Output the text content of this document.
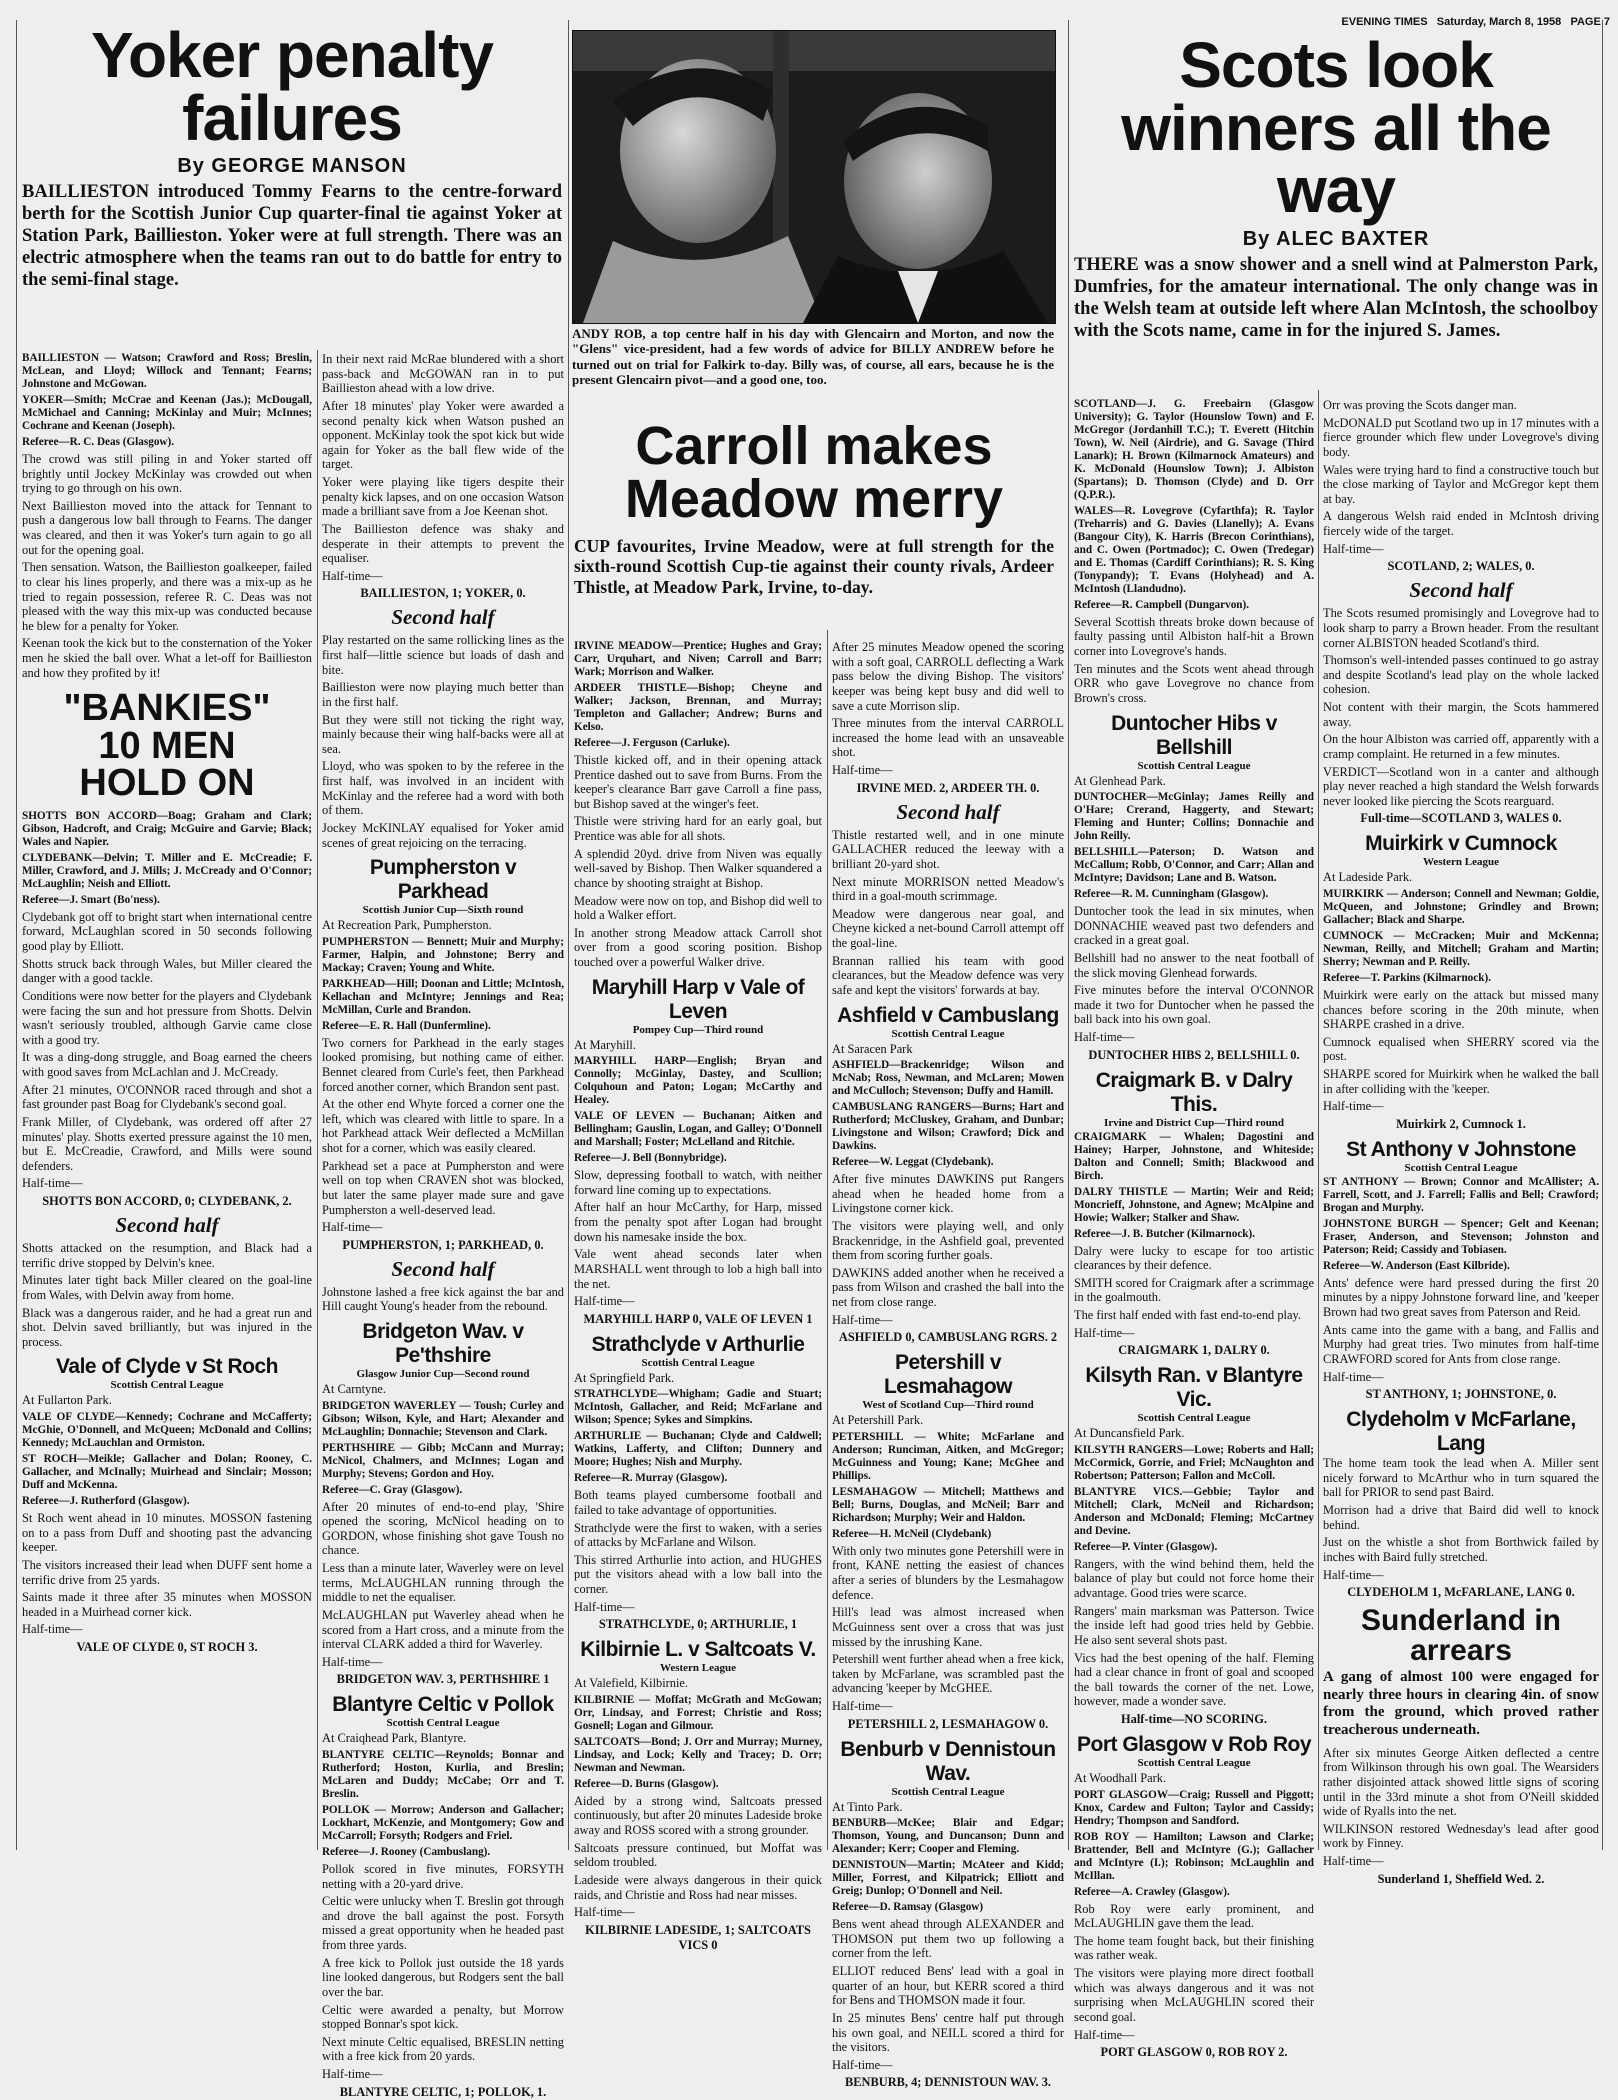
EVENING TIMES Saturday, March 8, 1958 PAGE 7
Yoker penalty failures
By GEORGE MANSON

BAILLIESTON introduced Tommy Fearns to the centre-forward berth for the Scottish Junior Cup quarter-final tie against Yoker at Station Park, Baillieston. Yoker were at full strength. There was an electric atmosphere when the teams ran out to do battle for entry to the semi-final stage.

BAILLIESTON — Watson; Crawford and Ross; Breslin, McLean, and Lloyd; Willock and Tennant; Fearns; Johnstone and McGowan.

YOKER—Smith; McCrae and Keenan (Jas.); McDougall, McMichael and Canning; McKinlay and Muir; McInnes; Cochrane and Keenan (Joseph).

Referee—R. C. Deas (Glasgow).

The crowd was still piling in and Yoker started off brightly until Jockey McKinlay was crowded out when trying to go through on his own.

Next Baillieston moved into the attack for Tennant to push a dangerous low ball through to Fearns. The danger was cleared, and then it was Yoker's turn again to go all out for the opening goal.

Then sensation. Watson, the Baillieston goalkeeper, failed to clear his lines properly, and there was a mix-up as he tried to regain possession, referee R. C. Deas was not pleased with the way this mix-up was conducted because he blew for a penalty for Yoker.

Keenan took the kick but to the consternation of the Yoker men he skied the ball over. What a let-off for Baillieston and how they profited by it!

"BANKIES" 10 MEN HOLD ON

SHOTTS BON ACCORD—Boag; Graham and Clark; Gibson, Hadcroft, and Craig; McGuire and Garvie; Black; Wales and Napier.

CLYDEBANK—Delvin; T. Miller and E. McCreadie; F. Miller, Crawford, and J. Mills; J. McCready and O'Connor; McLaughlin; Neish and Elliott.

Referee—J. Smart (Bo'ness).

Clydebank got off to bright start when international centre forward, McLaughlan scored in 50 seconds following good play by Elliott.

Shotts struck back through Wales, but Miller cleared the danger with a good tackle.

Conditions were now better for the players and Clydebank were facing the sun and hot pressure from Shotts. Delvin wasn't seriously troubled, although Garvie came close with a good try.

It was a ding-dong struggle, and Boag earned the cheers with good saves from McLachlan and J. McCready.

After 21 minutes, O'CONNOR raced through and shot a fast grounder past Boag for Clydebank's second goal.

Frank Miller, of Clydebank, was ordered off after 27 minutes' play. Shotts exerted pressure against the 10 men, but E. McCreadie, Crawford, and Mills were sound defenders.

Half-time—

SHOTTS BON ACCORD, 0; CLYDEBANK, 2.

Second half

Shotts attacked on the resumption, and Black had a terrific drive stopped by Delvin's knee.

Minutes later tight back Miller cleared on the goal-line from Wales, with Delvin away from home.

Black was a dangerous raider, and he had a great run and shot. Delvin saved brilliantly, but was injured in the process.

Vale of Clyde v St Roch
Scottish Central League

At Fullarton Park.

VALE OF CLYDE—Kennedy; Cochrane and McCafferty; McGhie, O'Donnell, and McQueen; McDonald and Collins; Kennedy; McLauchlan and Ormiston.

ST ROCH—Meikle; Gallacher and Dolan; Rooney, C. Gallacher, and McInally; Muirhead and Sinclair; Mosson; Duff and McKenna.

Referee—J. Rutherford (Glasgow).

St Roch went ahead in 10 minutes. MOSSON fastening on to a pass from Duff and shooting past the advancing keeper.

The visitors increased their lead when DUFF sent home a terrific drive from 25 yards.

Saints made it three after 35 minutes when MOSSON headed in a Muirhead corner kick.

Half-time—

VALE OF CLYDE 0, ST ROCH 3.

In their next raid McRae blundered with a short pass-back and McGOWAN ran in to put Baillieston ahead with a low drive.

After 18 minutes' play Yoker were awarded a second penalty kick when Watson pushed an opponent. McKinlay took the spot kick but wide again for Yoker as the ball flew wide of the target.

Yoker were playing like tigers despite their penalty kick lapses, and on one occasion Watson made a brilliant save from a Joe Keenan shot.

The Baillieston defence was shaky and desperate in their attempts to prevent the equaliser.

Half-time—

BAILLIESTON, 1; YOKER, 0.

Second half

Play restarted on the same rollicking lines as the first half—little science but loads of dash and bite.

Baillieston were now playing much better than in the first half.

But they were still not ticking the right way, mainly because their wing half-backs were all at sea.

Lloyd, who was spoken to by the referee in the first half, was involved in an incident with McKinlay and the referee had a word with both of them.

Jockey McKINLAY equalised for Yoker amid scenes of great rejoicing on the terracing.

Pumpherston v Parkhead
Scottish Junior Cup—Sixth round

At Recreation Park, Pumpherston.

PUMPHERSTON — Bennett; Muir and Murphy; Farmer, Halpin, and Johnstone; Berry and Mackay; Craven; Young and White.

PARKHEAD—Hill; Doonan and Little; McIntosh, Kellachan and McIntyre; Jennings and Rea; McMillan, Curle and Brandon.

Referee—E. R. Hall (Dunfermline).

Two corners for Parkhead in the early stages looked promising, but nothing came of either. Bennet cleared from Curle's feet, then Parkhead forced another corner, which Brandon sent past.

At the other end Whyte forced a corner one the left, which was cleared with little to spare. In a hot Parkhead attack Weir deflected a McMillan shot for a corner, which was easily cleared.

Parkhead set a pace at Pumpherston and were well on top when CRAVEN shot was blocked, but later the same player made sure and gave Pumpherston a well-deserved lead.

Half-time—

PUMPHERSTON, 1; PARKHEAD, 0.

Second half

Johnstone lashed a free kick against the bar and Hill caught Young's header from the rebound.

Bridgeton Wav. v Pe'thshire
Glasgow Junior Cup—Second round

At Carntyne.

BRIDGETON WAVERLEY — Toush; Curley and Gibson; Wilson, Kyle, and Hart; Alexander and McLaughlin; Donnachie; Stevenson and Clark.

PERTHSHIRE — Gibb; McCann and Murray; McNicol, Chalmers, and McInnes; Logan and Murphy; Stevens; Gordon and Hoy.

Referee—C. Gray (Glasgow).

After 20 minutes of end-to-end play, 'Shire opened the scoring, McNicol heading on to GORDON, whose finishing shot gave Toush no chance.

Less than a minute later, Waverley were on level terms, McLAUGHLAN running through the middle to net the equaliser.

McLAUGHLAN put Waverley ahead when he scored from a Hart cross, and a minute from the interval CLARK added a third for Waverley.

Half-time—

BRIDGETON WAV. 3, PERTHSHIRE 1

Blantyre Celtic v Pollok
Scottish Central League

At Craiqhead Park, Blantyre.

BLANTYRE CELTIC—Reynolds; Bonnar and Rutherford; Hoston, Kurlia, and Breslin; McLaren and Duddy; McCabe; Orr and T. Breslin.

POLLOK — Morrow; Anderson and Gallacher; Lockhart, McKenzie, and Montgomery; Gow and McCarroll; Forsyth; Rodgers and Friel.

Referee—J. Rooney (Cambuslang).

Pollok scored in five minutes, FORSYTH netting with a 20-yard drive.

Celtic were unlucky when T. Breslin got through and drove the ball against the post. Forsyth missed a great opportunity when he headed past from three yards.

A free kick to Pollok just outside the 18 yards line looked dangerous, but Rodgers sent the ball over the bar.

Celtic were awarded a penalty, but Morrow stopped Bonnar's spot kick.

Next minute Celtic equalised, BRESLIN netting with a free kick from 20 yards.

Half-time—

BLANTYRE CELTIC, 1; POLLOK, 1.

ANDY ROB, a top centre half in his day with Glencairn and Morton, and now the "Glens" vice-president, had a few words of advice for BILLY ANDREW before he turned out on trial for Falkirk to-day. Billy was, of course, all ears, because he is the present Glencairn pivot—and a good one, too.

Carroll makes Meadow merry

CUP favourites, Irvine Meadow, were at full strength for the sixth-round Scottish Cup-tie against their county rivals, Ardeer Thistle, at Meadow Park, Irvine, to-day.

IRVINE MEADOW—Prentice; Hughes and Gray; Carr, Urquhart, and Niven; Carroll and Barr; Wark; Morrison and Walker.

ARDEER THISTLE—Bishop; Cheyne and Walker; Jackson, Brennan, and Murray; Templeton and Gallacher; Andrew; Burns and Kelso.

Referee—J. Ferguson (Carluke).

Thistle kicked off, and in their opening attack Prentice dashed out to save from Burns. From the keeper's clearance Barr gave Carroll a fine pass, but Bishop saved at the winger's feet.

Thistle were striving hard for an early goal, but Prentice was able for all shots.

A splendid 20yd. drive from Niven was equally well-saved by Bishop. Then Walker squandered a chance by shooting straight at Bishop.

Meadow were now on top, and Bishop did well to hold a Walker effort.

In another strong Meadow attack Carroll shot over from a good scoring position. Bishop touched over a powerful Walker drive.

Maryhill Harp v Vale of Leven
Pompey Cup—Third round

At Maryhill.

MARYHILL HARP—English; Bryan and Connolly; McGinlay, Dastey, and Scullion; Colquhoun and Paton; Logan; McCarthy and Healey.

VALE OF LEVEN — Buchanan; Aitken and Bellingham; Gauslin, Logan, and Galley; O'Donnell and Marshall; Foster; McLelland and Ritchie.

Referee—J. Bell (Bonnybridge).

Slow, depressing football to watch, with neither forward line coming up to expectations.

After half an hour McCarthy, for Harp, missed from the penalty spot after Logan had brought down his namesake inside the box.

Vale went ahead seconds later when MARSHALL went through to lob a high ball into the net.

Half-time—

MARYHILL HARP 0, VALE OF LEVEN 1

Strathclyde v Arthurlie
Scottish Central League

At Springfield Park.

STRATHCLYDE—Whigham; Gadie and Stuart; McIntosh, Gallacher, and Reid; McFarlane and Wilson; Spence; Sykes and Simpkins.

ARTHURLIE — Buchanan; Clyde and Caldwell; Watkins, Lafferty, and Clifton; Dunnery and Moore; Hughes; Nish and Murphy.

Referee—R. Murray (Glasgow).

Both teams played cumbersome football and failed to take advantage of opportunities.

Strathclyde were the first to waken, with a series of attacks by McFarlane and Wilson.

This stirred Arthurlie into action, and HUGHES put the visitors ahead with a low ball into the corner.

Half-time—

STRATHCLYDE, 0; ARTHURLIE, 1

Kilbirnie L. v Saltcoats V.
Western League

At Valefield, Kilbirnie.

KILBIRNIE — Moffat; McGrath and McGowan; Orr, Lindsay, and Forrest; Christie and Ross; Gosnell; Logan and Gilmour.

SALTCOATS—Bond; J. Orr and Murray; Murney, Lindsay, and Lock; Kelly and Tracey; D. Orr; Newman and Newman.

Referee—D. Burns (Glasgow).

Aided by a strong wind, Saltcoats pressed continuously, but after 20 minutes Ladeside broke away and ROSS scored with a strong grounder.

Saltcoats pressure continued, but Moffat was seldom troubled.

Ladeside were always dangerous in their quick raids, and Christie and Ross had near misses.

Half-time—

KILBIRNIE LADESIDE, 1; SALTCOATS VICS 0

After 25 minutes Meadow opened the scoring with a soft goal, CARROLL deflecting a Wark pass below the diving Bishop. The visitors' keeper was being kept busy and did well to save a cute Morrison slip.

Three minutes from the interval CARROLL increased the home lead with an unsaveable shot.

Half-time—

IRVINE MED. 2, ARDEER TH. 0.

Second half

Thistle restarted well, and in one minute GALLACHER reduced the leeway with a brilliant 20-yard shot.

Next minute MORRISON netted Meadow's third in a goal-mouth scrimmage.

Meadow were dangerous near goal, and Cheyne kicked a net-bound Carroll attempt off the goal-line.

Brannan rallied his team with good clearances, but the Meadow defence was very safe and kept the visitors' forwards at bay.

Ashfield v Cambuslang
Scottish Central League

At Saracen Park

ASHFIELD—Brackenridge; Wilson and McNab; Ross, Newman, and McLaren; Mowen and McCulloch; Stevenson; Duffy and Hamill.

CAMBUSLANG RANGERS—Burns; Hart and Rutherford; McCluskey, Graham, and Dunbar; Livingstone and Wilson; Crawford; Dick and Dawkins.

Referee—W. Leggat (Clydebank).

After five minutes DAWKINS put Rangers ahead when he headed home from a Livingstone corner kick.

The visitors were playing well, and only Brackenridge, in the Ashfield goal, prevented them from scoring further goals.

DAWKINS added another when he received a pass from Wilson and crashed the ball into the net from close range.

Half-time—

ASHFIELD 0, CAMBUSLANG RGRS. 2

Petershill v Lesmahagow
West of Scotland Cup—Third round

At Petershill Park.

PETERSHILL — White; McFarlane and Anderson; Runciman, Aitken, and McGregor; McGuinness and Young; Kane; McGhee and Phillips.

LESMAHAGOW — Mitchell; Matthews and Bell; Burns, Douglas, and McNeil; Barr and Richardson; Murphy; Weir and Haldon.

Referee—H. McNeil (Clydebank)

With only two minutes gone Petershill were in front, KANE netting the easiest of chances after a series of blunders by the Lesmahagow defence.

Hill's lead was almost increased when McGuinness sent over a cross that was just missed by the inrushing Kane.

Petershill went further ahead when a free kick, taken by McFarlane, was scrambled past the advancing 'keeper by McGHEE.

Half-time—

PETERSHILL 2, LESMAHAGOW 0.

Benburb v Dennistoun Wav.
Scottish Central League

At Tinto Park.

BENBURB—McKee; Blair and Edgar; Thomson, Young, and Duncanson; Dunn and Alexander; Kerr; Cooper and Fleming.

DENNISTOUN—Martin; McAteer and Kidd; Miller, Forrest, and Kilpatrick; Elliott and Greig; Dunlop; O'Donnell and Neil.

Referee—D. Ramsay (Glasgow)

Bens went ahead through ALEXANDER and THOMSON put them two up following a corner from the left.

ELLIOT reduced Bens' lead with a goal in quarter of an hour, but KERR scored a third for Bens and THOMSON made it four.

In 25 minutes Bens' centre half put through his own goal, and NEILL scored a third for the visitors.

Half-time—

BENBURB, 4; DENNISTOUN WAV. 3.

Scots look winners all the way
By ALEC BAXTER

THERE was a snow shower and a snell wind at Palmerston Park, Dumfries, for the amateur international. The only change was in the Welsh team at outside left where Alan McIntosh, the schoolboy with the Scots name, came in for the injured S. James.

SCOTLAND—J. G. Freebairn (Glasgow University); G. Taylor (Hounslow Town) and F. McGregor (Jordanhill T.C.); T. Everett (Hitchin Town), W. Neil (Airdrie), and G. Savage (Third Lanark); H. Brown (Kilmarnock Amateurs) and K. McDonald (Hounslow Town); J. Albiston (Spartans); D. Thomson (Clyde) and D. Orr (Q.P.R.).

WALES—R. Lovegrove (Cyfarthfa); R. Taylor (Treharris) and G. Davies (Llanelly); A. Evans (Bangour City), K. Harris (Brecon Corinthians), and C. Owen (Portmadoc); C. Owen (Tredegar) and E. Thomas (Cardiff Corinthians); R. S. King (Tonypandy); T. Evans (Holyhead) and A. McIntosh (Llandudno).

Referee—R. Campbell (Dungarvon).

Several Scottish threats broke down because of faulty passing until Albiston half-hit a Brown corner into Lovegrove's hands.

Ten minutes and the Scots went ahead through ORR who gave Lovegrove no chance from Brown's cross.

Duntocher Hibs v Bellshill
Scottish Central League

At Glenhead Park.

DUNTOCHER—McGinlay; James Reilly and O'Hare; Crerand, Haggerty, and Stewart; Fleming and Hunter; Collins; Donnachie and John Reilly.

BELLSHILL—Paterson; D. Watson and McCallum; Robb, O'Connor, and Carr; Allan and McIntyre; Davidson; Lane and B. Watson.

Referee—R. M. Cunningham (Glasgow).

Duntocher took the lead in six minutes, when DONNACHIE weaved past two defenders and cracked in a great goal.

Bellshill had no answer to the neat football of the slick moving Glenhead forwards.

Five minutes before the interval O'CONNOR made it two for Duntocher when he passed the ball back into his own goal.

Half-time—

DUNTOCHER HIBS 2, BELLSHILL 0.

Craigmark B. v Dalry This.
Irvine and District Cup—Third round

CRAIGMARK — Whalen; Dagostini and Hainey; Harper, Johnstone, and Whiteside; Dalton and Connell; Smith; Blackwood and Birch.

DALRY THISTLE — Martin; Weir and Reid; Moncrieff, Johnstone, and Agnew; McAlpine and Howie; Walker; Stalker and Shaw.

Referee—J. B. Butcher (Kilmarnock).

Dalry were lucky to escape for too artistic clearances by their defence.

SMITH scored for Craigmark after a scrimmage in the goalmouth.

The first half ended with fast end-to-end play.

Half-time—

CRAIGMARK 1, DALRY 0.

Kilsyth Ran. v Blantyre Vic.
Scottish Central League

At Duncansfield Park.

KILSYTH RANGERS—Lowe; Roberts and Hall; McCormick, Gorrie, and Friel; McNaughton and Robertson; Patterson; Fallon and McColl.

BLANTYRE VICS.—Gebbie; Taylor and Mitchell; Clark, McNeil and Richardson; Anderson and McDonald; Fleming; McCartney and Devine.

Referee—P. Vinter (Glasgow).

Rangers, with the wind behind them, held the balance of play but could not force home their advantage. Good tries were scarce.

Rangers' main marksman was Patterson. Twice the inside left had good tries held by Gebbie. He also sent several shots past.

Vics had the best opening of the half. Fleming had a clear chance in front of goal and scooped the ball towards the corner of the net. Lowe, however, made a wonder save.

Half-time—NO SCORING.

Port Glasgow v Rob Roy
Scottish Central League

At Woodhall Park.

PORT GLASGOW—Craig; Russell and Piggott; Knox, Cardew and Fulton; Taylor and Cassidy; Hendry; Thompson and Sandford.

ROB ROY — Hamilton; Lawson and Clarke; Brattender, Bell and McIntyre (G.); Gallacher and McIntyre (I.); Robinson; McLaughlin and McIllan.

Referee—A. Crawley (Glasgow).

Rob Roy were early prominent, and McLAUGHLIN gave them the lead.

The home team fought back, but their finishing was rather weak.

The visitors were playing more direct football which was always dangerous and it was not surprising when McLAUGHLIN scored their second goal.

Half-time—

PORT GLASGOW 0, ROB ROY 2.

Orr was proving the Scots danger man.

McDONALD put Scotland two up in 17 minutes with a fierce grounder which flew under Lovegrove's diving body.

Wales were trying hard to find a constructive touch but the close marking of Taylor and McGregor kept them at bay.

A dangerous Welsh raid ended in McIntosh driving fiercely wide of the target.

Half-time—

SCOTLAND, 2; WALES, 0.

Second half

The Scots resumed promisingly and Lovegrove had to look sharp to parry a Brown header. From the resultant corner ALBISTON headed Scotland's third.

Thomson's well-intended passes continued to go astray and despite Scotland's lead play on the whole lacked cohesion.

Not content with their margin, the Scots hammered away.

On the hour Albiston was carried off, apparently with a cramp complaint. He returned in a few minutes.

VERDICT—Scotland won in a canter and although play never reached a high standard the Welsh forwards never looked like piercing the Scots rearguard.

Full-time—SCOTLAND 3, WALES 0.

Muirkirk v Cumnock
Western League

At Ladeside Park.

MUIRKIRK — Anderson; Connell and Newman; Goldie, McQueen, and Johnstone; Grindley and Brown; Gallacher; Black and Sharpe.

CUMNOCK — McCracken; Muir and McKenna; Newman, Reilly, and Mitchell; Graham and Martin; Sherry; Newman and P. Reilly.

Referee—T. Parkins (Kilmarnock).

Muirkirk were early on the attack but missed many chances before scoring in the 20th minute, when SHARPE crashed in a drive.

Cumnock equalised when SHERRY scored via the post.

SHARPE scored for Muirkirk when he walked the ball in after colliding with the 'keeper.

Half-time—

Muirkirk 2, Cumnock 1.

St Anthony v Johnstone
Scottish Central League

ST ANTHONY — Brown; Connor and McAllister; A. Farrell, Scott, and J. Farrell; Fallis and Bell; Crawford; Brogan and Murphy.

JOHNSTONE BURGH — Spencer; Gelt and Keenan; Fraser, Anderson, and Stevenson; Johnston and Paterson; Reid; Cassidy and Tobiasen.

Referee—W. Anderson (East Kilbride).

Ants' defence were hard pressed during the first 20 minutes by a nippy Johnstone forward line, and 'keeper Brown had two great saves from Paterson and Reid.

Ants came into the game with a bang, and Fallis and Murphy had great tries. Two minutes from half-time CRAWFORD scored for Ants from close range.

Half-time—

ST ANTHONY, 1; JOHNSTONE, 0.

Clydeholm v McFarlane, Lang

The home team took the lead when A. Miller sent nicely forward to McArthur who in turn squared the ball for PRIOR to send past Baird.

Morrison had a drive that Baird did well to knock behind.

Just on the whistle a shot from Borthwick failed by inches with Baird fully stretched.

Half-time—

CLYDEHOLM 1, McFARLANE, LANG 0.

Sunderland in arrears

A gang of almost 100 were engaged for nearly three hours in clearing 4in. of snow from the ground, which proved rather treacherous underneath.

After six minutes George Aitken deflected a centre from Wilkinson through his own goal. The Wearsiders rather disjointed attack showed little signs of scoring until in the 33rd minute a shot from O'Neill skidded wide of Ryalls into the net.

WILKINSON restored Wednesday's lead after good work by Finney.

Half-time—

Sunderland 1, Sheffield Wed. 2.
